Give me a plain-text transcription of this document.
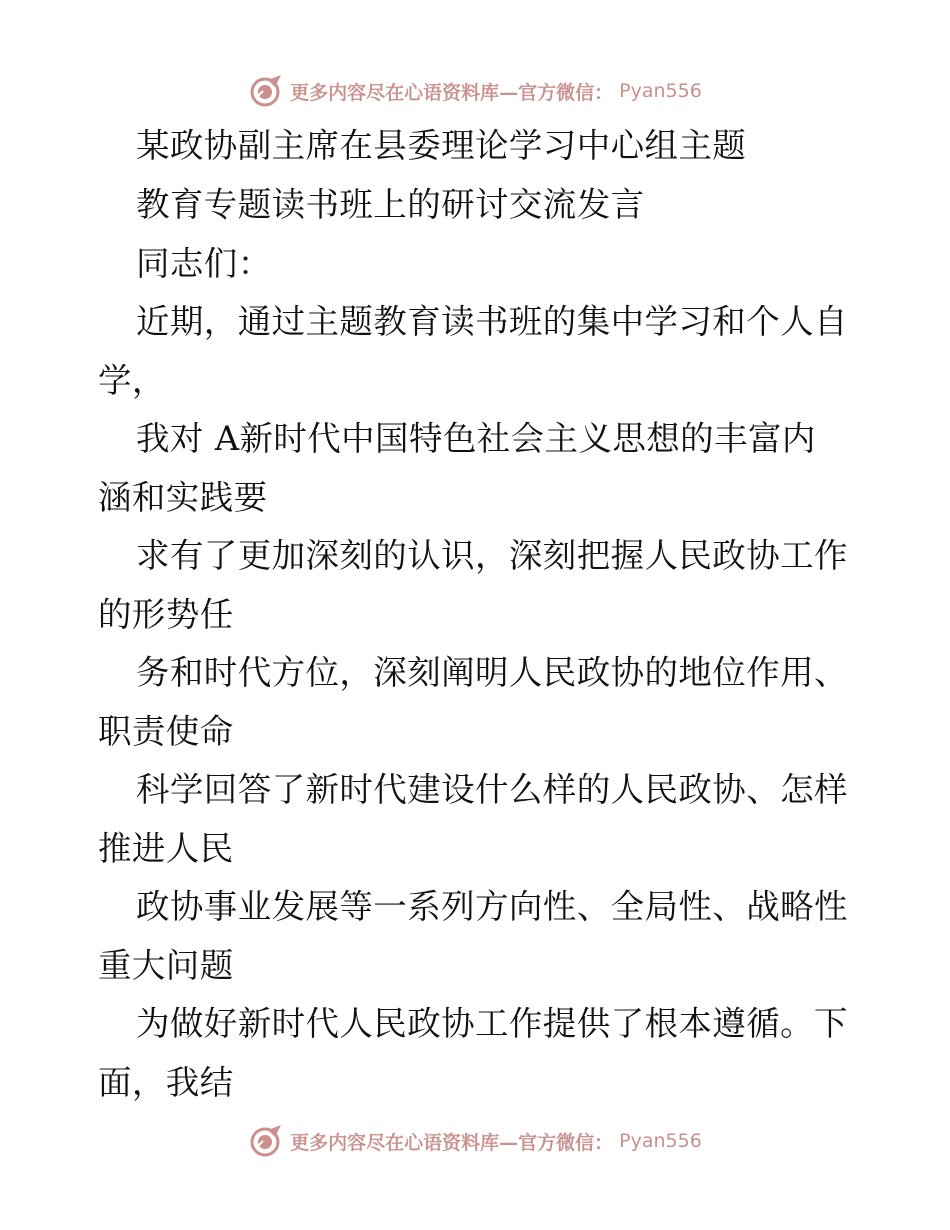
更多内容尽在心语资料库—官方微信： Pyan556
某政协副主席在县委理论学习中心组主题
教育专题读书班上的研讨交流发言
同志们：
近期，通过主题教育读书班的集中学习和个人自
学，
我对 A新时代中国特色社会主义思想的丰富内
涵和实践要
求有了更加深刻的认识，深刻把握人民政协工作
的形势任
务和时代方位，深刻阐明人民政协的地位作用、
职责使命
科学回答了新时代建设什么样的人民政协、怎样
推进人民
政协事业发展等一系列方向性、全局性、战略性
重大问题
为做好新时代人民政协工作提供了根本遵循。下
面，我结
更多内容尽在心语资料库—官方微信： Pyan556
